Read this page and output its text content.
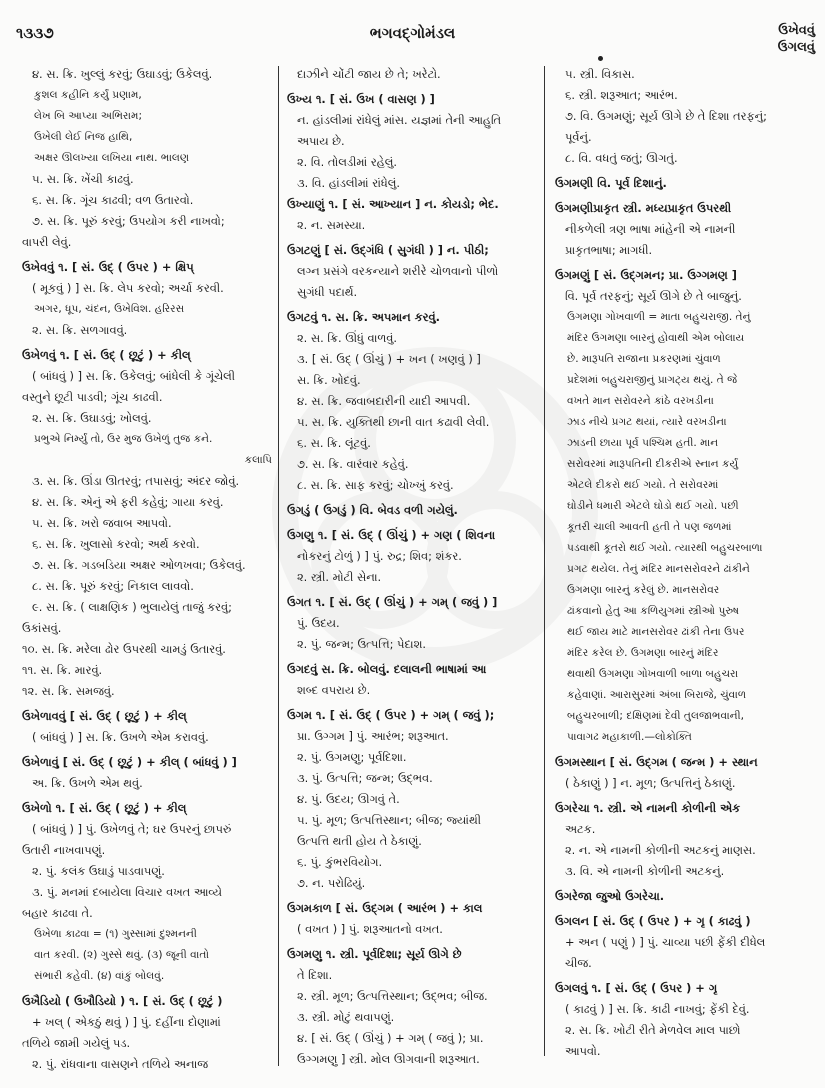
૧૩૩૭	ભગવદ્ગોમંડલ	ઉખેવવું
ઉગલવું
૪. સ. ક્રિ. ખુલ્લું કરવું; ઉઘાડવું; ઉકેલવું.
કુશલ કહીનિ કર્યું પ્રણામ,
લેખ બિ આપ્યા અભિરામ;
ઉખેલી લેઈ નિજ હાથિ,
અક્ષર ઊલખ્યા લખિયા નાથ. ભાલણ
૫. સ. ક્રિ. ખેંચી કાઢવું.
૬. સ. ક્રિ. ગૂંચ કાઢવી; વળ ઉતારવો.
૭. સ. ક્રિ. પૂરું કરવું; ઉપયોગ કરી નાખવો;
વાપરી લેવું.
ઉખેવવું ૧. [ સં. ઉદ્ ( ઉપર ) + ક્ષિપ્
( મૂકવું ) ] સ. ક્રિ. લેપ કરવો; અર્ચા કરવી.
અગર, ધૂપ, ચંદન, ઉખેવિશ. હરિરસ
૨. સ. ક્રિ. સળગાવવું.
ઉખેળવું ૧. [ સં. ઉદ્ ( છૂટું ) + કીલ્
( બાંધવું ) ] સ. ક્રિ. ઉકેલવું; બાંધેલી કે ગૂંચેલી
વસ્તુને છૂટી પાડવી; ગૂંચ કાઢવી.
૨. સ. ક્રિ. ઉઘાડવું; ખોલવું.
પ્રભુએ નિર્મ્યું તો, ઉર મુજ ઉખેળું તુજ કને.
કલાપિ
૩. સ. ક્રિ. ઊંડા ઊતરવું; તપાસવું; અંદર જોવું.
૪. સ. ક્રિ. એનું એ ફરી કહેવું; ગાયા કરવું.
૫. સ. ક્રિ. ખરો જવાબ આપવો.
૬. સ. ક્રિ. ખુલાસો કરવો; અર્થ કરવો.
૭. સ. ક્રિ. ગડબડિયા અક્ષર ઓળખવા; ઉકેલવું.
૮. સ. ક્રિ. પૂરું કરવું; નિકાલ લાવવો.
૯. સ. ક્રિ. ( લાક્ષણિક ) ભુલાયેલું તાજું કરવું;
ઉકાંસવું.
૧૦. સ. ક્રિ. મરેલા ઢોર ઉપરથી ચામડું ઉતારવું.
૧૧. સ. ક્રિ. મારવું.
૧૨. સ. ક્રિ. સમજવું.
ઉખેળાવવું [ સં. ઉદ્ ( છૂટું ) + કીલ્
( બાંધવું ) ] સ. ક્રિ. ઉખળે એમ કરાવવું.
ઉખેળાવું [ સં. ઉદ્ ( છૂટું ) + કીલ્ ( બાંધવું ) ]
અ. ક્રિ. ઉખળે એમ થવું.
ઉખેળો ૧. [ સં. ઉદ્ ( છૂટું ) + કીલ્
( બાંધવું ) ] પું. ઉખેળવું તે; ઘર ઉપરનું છાપરું
ઉતારી નાખવાપણું.
૨. પું. કલંક ઉઘાડું પાડવાપણું.
૩. પું. મનમાં દબાયેલા વિચાર વખત આવ્યે
બહાર કાઢવા તે.
ઉખેળા કાઢવા = (૧) ગુસ્સામાં દુશ્મનની
વાત કરવી. (૨) ગુસ્સે થવું. (૩) જૂની વાતો
સંભારી કહેવી. (૪) વાંકું બોલવું.
ઉખૈડિયો ( ઉખૌડિયો ) ૧. [ સં. ઉદ્ ( છૂટું )
+ ખલ્ ( એકઠું થવું ) ] પું. દહીંના દોણામાં
તળિયે જામી ગયેલું પડ.
૨. પું. રાંધવાના વાસણને તળિયે અનાજ
દાઝીને ચોંટી જાય છે તે; ખરેટો.
ઉખ્ય ૧. [ સં. ઉખ ( વાસણ ) ]
ન. હાંડલીમાં રાંધેલું માંસ. યજ્ઞમાં તેની આહુતિ
અપાય છે.
૨. વિ. તોલડીમાં રહેલું.
૩. વિ. હાંડલીમાં રાંધેલું.
ઉખ્યાણું ૧. [ સં. આખ્યાન ] ન. કોયડો; ભેદ.
૨. ન. સમસ્યા.
ઉગટણું [ સં. ઉદ્ગંધિ ( સુગંધી ) ] ન. પીઠી;
લગ્ન પ્રસંગે વરકન્યાને શરીરે ચોળવાનો પીળો
સુગંધી પદાર્થ.
ઉગટવું ૧. સ. ક્રિ. અપમાન કરવું.
૨. સ. ક્રિ. ઊંધું વાળવું.
૩. [ સં. ઉદ્ ( ઊંચું ) + ખન ( ખણવું ) ]
સ. ક્રિ. ખોદવું.
૪. સ. ક્રિ. જવાબદારીની યાદી આપવી.
૫. સ. ક્રિ. યુક્તિથી છાની વાત કઢાવી લેવી.
૬. સ. ક્રિ. લૂંટવું.
૭. સ. ક્રિ. વારંવાર કહેવું.
૮. સ. ક્રિ. સાફ કરવું; ચોખ્ખું કરવું.
ઉગડું ( ઉગડું ) વિ. બેવડ વળી ગયેલું.
ઉગણુ ૧. [ સં. ઉદ્ ( ઊંચું ) + ગણ ( શિવના
નોકરનું ટોળું ) ] પું. રુદ્ર; શિવ; શંકર.
૨. સ્ત્રી. મોટી સેના.
ઉગત ૧. [ સં. ઉદ્ ( ઊંચું ) + ગમ્ ( જવું ) ]
પું. ઉદય.
૨. પું. જન્મ; ઉત્પત્તિ; પેદાશ.
ઉગદવું સ. ક્રિ. બોલવું. દલાલની ભાષામાં આ
શબ્દ વપરાય છે.
ઉગમ ૧. [ સં. ઉદ્ ( ઉપર ) + ગમ્ ( જવું );
પ્રા. ઉગ્ગમ ] પું. આરંભ; શરૂઆત.
૨. પું. ઉગમણુ; પૂર્વદિશા.
૩. પું. ઉત્પત્તિ; જન્મ; ઉદ્ભવ.
૪. પું. ઉદય; ઊગવું તે.
૫. પું. મૂળ; ઉત્પત્તિસ્થાન; બીજ; જ્યાંથી
ઉત્પત્તિ થતી હોય તે ઠેકાણું.
૬. પું. કુંભરવિયોગ.
૭. ન. પરોઢિયું.
ઉગમકાળ [ સં. ઉદ્ગમ ( આરંભ ) + કાલ
( વખત ) ] પું. શરૂઆતનો વખત.
ઉગમણુ ૧. સ્ત્રી. પૂર્વદિશા; સૂર્ય ઊગે છે
તે દિશા.
૨. સ્ત્રી. મૂળ; ઉત્પત્તિસ્થાન; ઉદ્ભવ; બીજ.
૩. સ્ત્રી. મોટું થવાપણું.
૪. [ સં. ઉદ્ ( ઊંચું ) + ગમ્ ( જવું ); પ્રા.
ઉગ્ગમણુ ] સ્ત્રી. મોલ ઊગવાની શરૂઆત.
૫. સ્ત્રી. વિકાસ.
૬. સ્ત્રી. શરૂઆત; આરંભ.
૭. વિ. ઉગમણું; સૂર્ય ઊગે છે તે દિશા તરફનું;
પૂર્વનું.
૮. વિ. વધતું જતું; ઊગતું.
ઉગમણી વિ. પૂર્વ દિશાનું.
ઉગમણીપ્રાકૃત સ્ત્રી. મધ્યપ્રાકૃત ઉપરથી
નીકળેલી ત્રણ ભાષા માંહેની એ નામની
પ્રાકૃતભાષા; માગધી.
ઉગમણું [ સં. ઉદ્ગમન; પ્રા. ઉગ્ગમણ ]
વિ. પૂર્વ તરફનું; સૂર્ય ઊગે છે તે બાજુનું.
ઉગમણા ગોખવાળી = માતા બહુચરાજી. તેનું
મંદિર ઉગમણા બારનું હોવાથી એમ બોલાય
છે. મારૂપતિ રાજાના પ્રકરણમાં ચુંવાળ
પ્રદેશમાં બહુચરાજીનું પ્રાગટ્ય થયું. તે જે
વખતે માન સરોવરને કાંઠે વરખડીના
ઝાડ નીચે પ્રગટ થયાં, ત્યારે વરખડીના
ઝાડની છાયા પૂર્વ પશ્ચિમ હતી. માન
સરોવરમાં મારૂપતિની દીકરીએ સ્નાન કર્યું
એટલે દીકરો થઈ ગયો. તે સરોવરમાં
ઘોડીને ધમારી એટલે ઘોડો થઈ ગયો. પછી
કૂતરી ચાલી આવતી હતી તે પણ જળમાં
પડવાથી કૂતરો થઈ ગયો. ત્યારથી બહુચરબાળા
પ્રગટ થયેલ. તેનું મંદિર માનસરોવરને ઢાંકીને
ઉગમણા બારનું કરેલું છે. માનસરોવર
ઢાંકવાનો હેતુ આ કળિયુગમાં સ્ત્રીઓ પુરુષ
થઈ જાય માટે માનસરોવર ઢાંકી તેના ઉપર
મંદિર કરેલ છે. ઉગમણા બારનું મંદિર
થવાથી ઉગમણા ગોખવાળી બાળા બહુચરા
કહેવાણાં. આરાસુરમાં અંબા બિરાજે, ચુંવાળ
બહુચરબાળી; દક્ષિણમાં દેવી તુલજાભવાની,
પાવાગઢ મહાકાળી.—લોકોક્તિ
ઉગમસ્થાન [ સં. ઉદ્ગમ ( જન્મ ) + સ્થાન
( ઠેકાણું ) ] ન. મૂળ; ઉત્પત્તિનું ઠેકાણું.
ઉગરેચા ૧. સ્ત્રી. એ નામની કોળીની એક
અટક.
૨. ન. એ નામની કોળીની અટકનું માણસ.
૩. વિ. એ નામની કોળીની અટકનું.
ઉગરેજા જુઓ ઉગરેચા.
ઉગલન [ સં. ઉદ્ ( ઉપર ) + ગૃ ( કાઢવું )
+ અન ( પણું ) ] પું. ચાવ્યા પછી ફેંકી દીધેલ
ચીજ.
ઉગલવું ૧. [ સં. ઉદ્ ( ઉપર ) + ગૃ
( કાઢવું ) ] સ. ક્રિ. કાઢી નાખવું; ફેંકી દેવું.
૨. સ. ક્રિ. ખોટી રીતે મેળવેલ માલ પાછો
આપવો.
